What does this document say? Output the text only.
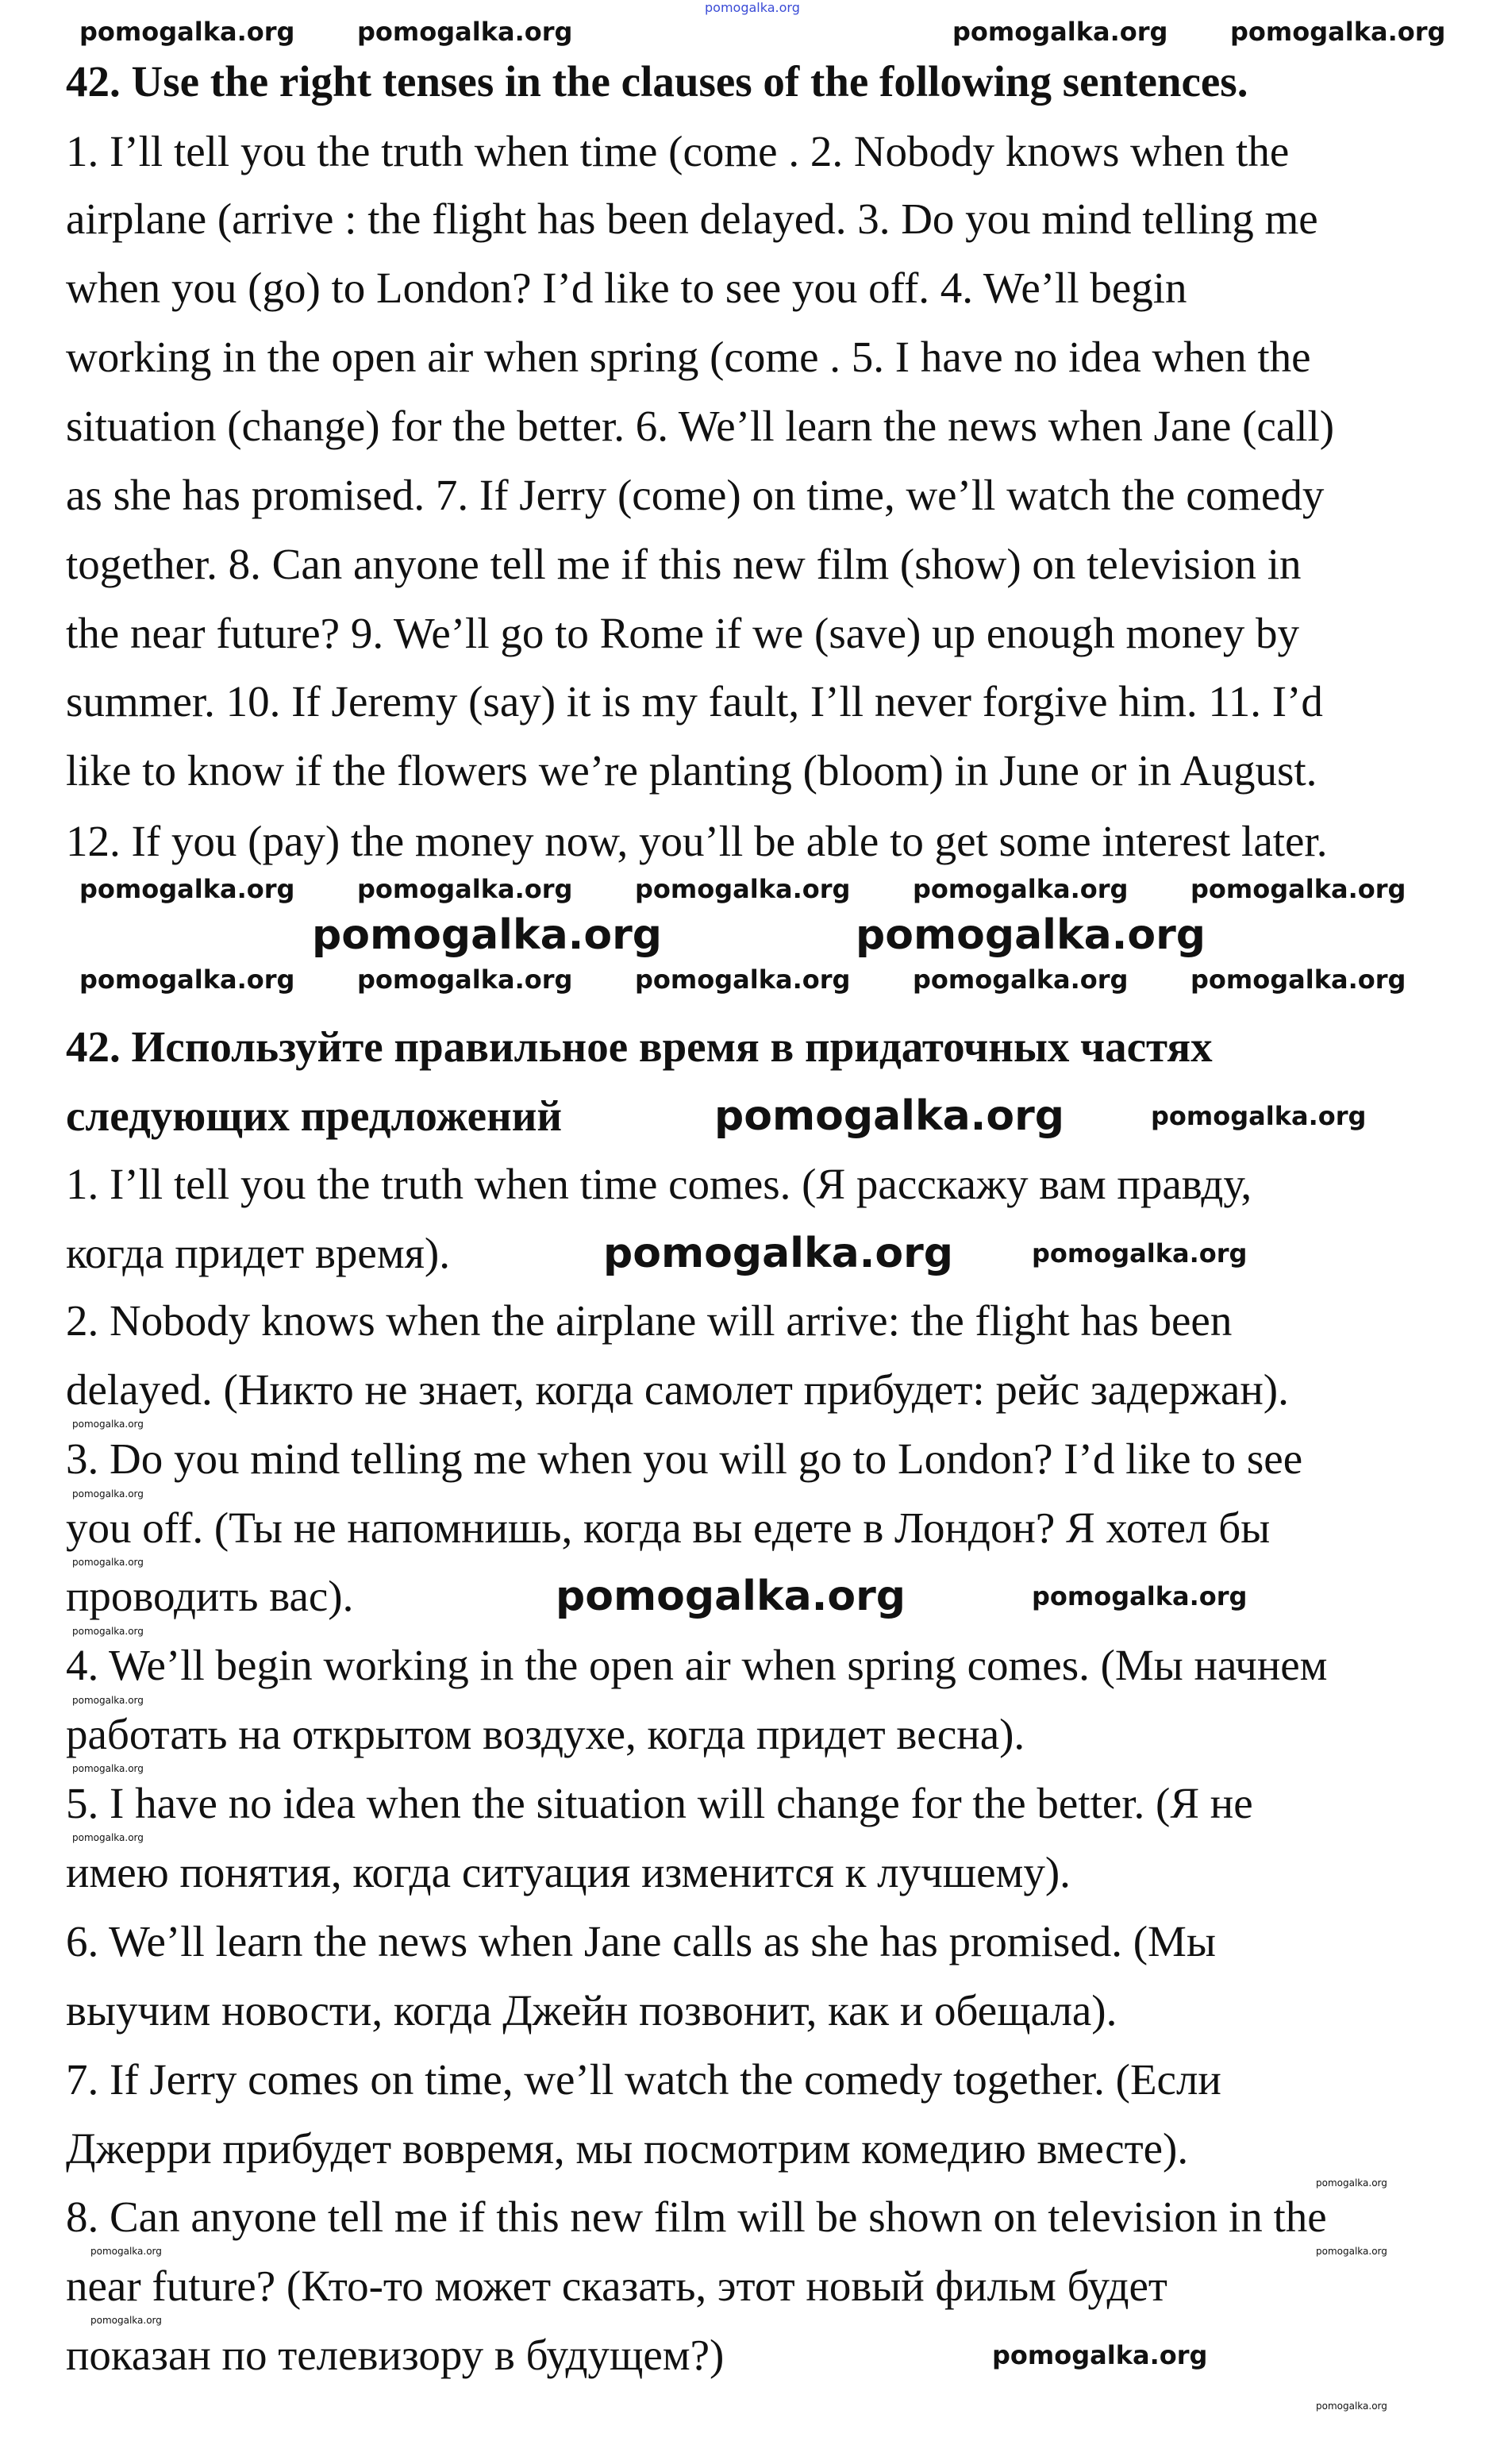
42. Use the right tenses in the clauses of the following sentences.
1. I’ll tell you the truth when time (come . 2. Nobody knows when the
airplane (arrive : the flight has been delayed. 3. Do you mind telling me
when you (go) to London? I’d like to see you off. 4. We’ll begin
working in the open air when spring (come . 5. I have no idea when the
situation (change) for the better. 6. We’ll learn the news when Jane (call)
as she has promised. 7. If Jerry (come) on time, we’ll watch the comedy
together. 8. Can anyone tell me if this new film (show) on television in
the near future? 9. We’ll go to Rome if we (save) up enough money by
summer. 10. If Jeremy (say) it is my fault, I’ll never forgive him. 11. I’d
like to know if the flowers we’re planting (bloom) in June or in August.
12. If you (pay) the money now, you’ll be able to get some interest later.
42. Используйте правильное время в придаточных частях
следующих предложений
1. I’ll tell you the truth when time comes. (Я расскажу вам правду,
когда придет время).
2. Nobody knows when the airplane will arrive: the flight has been
delayed. (Никто не знает, когда самолет прибудет: рейс задержан).
3. Do you mind telling me when you will go to London? I’d like to see
you off. (Ты не напомнишь, когда вы едете в Лондон? Я хотел бы
проводить вас).
4. We’ll begin working in the open air when spring comes. (Мы начнем
работать на открытом воздухе, когда придет весна).
5. I have no idea when the situation will change for the better. (Я не
имею понятия, когда ситуация изменится к лучшему).
6. We’ll learn the news when Jane calls as she has promised. (Мы
выучим новости, когда Джейн позвонит, как и обещала).
7. If Jerry comes on time, we’ll watch the comedy together. (Если
Джерри прибудет вовремя, мы посмотрим комедию вместе).
8. Can anyone tell me if this new film will be shown on television in the
near future? (Кто-то может сказать, этот новый фильм будет
показан по телевизору в будущем?)
pomogalka.org
pomogalka.org pomogalka.org	pomogalka.org pomogalka.org
pomogalka.org pomogalka.org pomogalka.org pomogalka.org pomogalka.org
pomogalka.org	pomogalka.org
pomogalka.org pomogalka.org pomogalka.org pomogalka.org pomogalka.org
pomogalka.org	pomogalka.org
pomogalka.org	pomogalka.org
pomogalka.org	pomogalka.org
pomogalka.org
pomogalka.org
pomogalka.org
pomogalka.org
pomogalka.org
pomogalka.org
pomogalka.org
pomogalka.org
pomogalka.org
pomogalka.org	pomogalka.org
pomogalka.org
pomogalka.org
